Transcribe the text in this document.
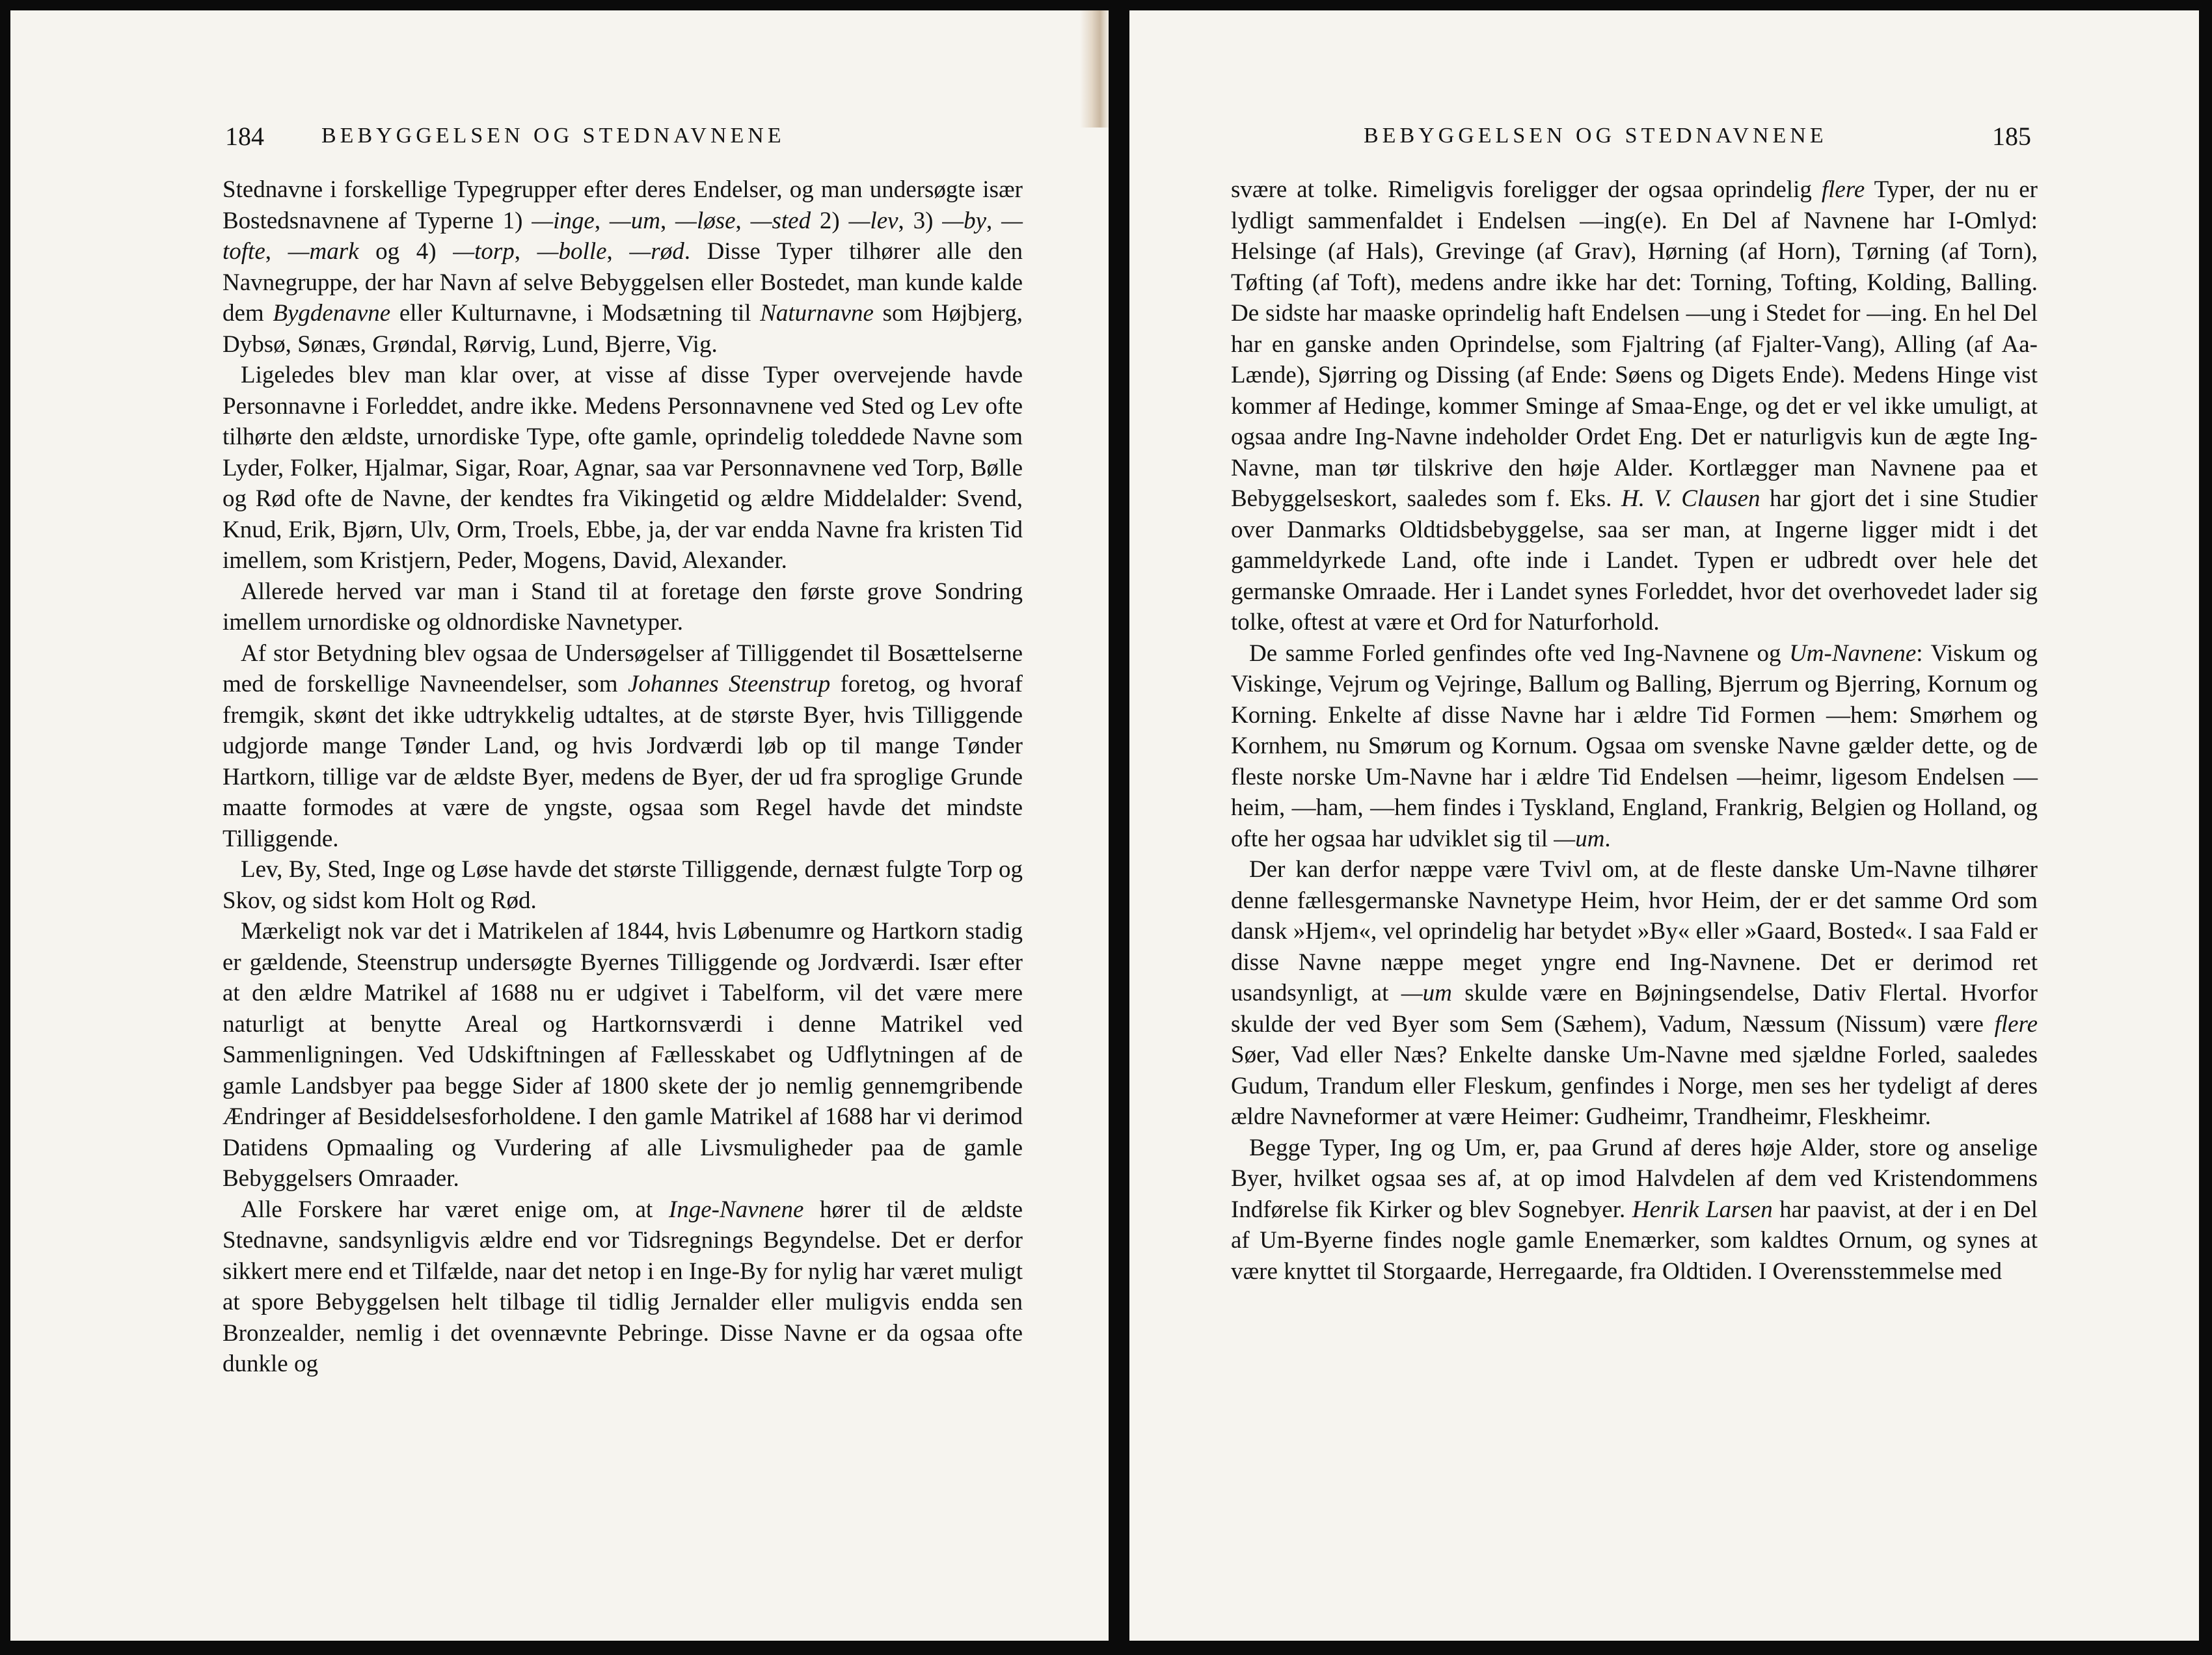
184	BEBYGGELSEN OG STEDNAVNENE

Stednavne i forskellige Typegrupper efter deres Endelser, og man undersøgte især Bostedsnavnene af Typerne 1) —inge, —um, —løse, —sted 2) —lev, 3) —by, —tofte, —mark og 4) —torp, —bolle, —rød. Disse Typer tilhører alle den Navnegruppe, der har Navn af selve Bebyggelsen eller Bostedet, man kunde kalde dem Bygdenavne eller Kulturnavne, i Modsætning til Naturnavne som Højbjerg, Dybsø, Sønæs, Grøndal, Rørvig, Lund, Bjerre, Vig.

Ligeledes blev man klar over, at visse af disse Typer overvejende havde Personnavne i Forleddet, andre ikke. Medens Personnavnene ved Sted og Lev ofte tilhørte den ældste, urnordiske Type, ofte gamle, oprindelig toleddede Navne som Lyder, Folker, Hjalmar, Sigar, Roar, Agnar, saa var Personnavnene ved Torp, Bølle og Rød ofte de Navne, der kendtes fra Vikingetid og ældre Middelalder: Svend, Knud, Erik, Bjørn, Ulv, Orm, Troels, Ebbe, ja, der var endda Navne fra kristen Tid imellem, som Kristjern, Peder, Mogens, David, Alexander.

Allerede herved var man i Stand til at foretage den første grove Sondring imellem urnordiske og oldnordiske Navnetyper.

Af stor Betydning blev ogsaa de Undersøgelser af Tilliggendet til Bosættelserne med de forskellige Navneendelser, som Johannes Steenstrup foretog, og hvoraf fremgik, skønt det ikke udtrykkelig udtaltes, at de største Byer, hvis Tilliggende udgjorde mange Tønder Land, og hvis Jordværdi løb op til mange Tønder Hartkorn, tillige var de ældste Byer, medens de Byer, der ud fra sproglige Grunde maatte formodes at være de yngste, ogsaa som Regel havde det mindste Tilliggende.

Lev, By, Sted, Inge og Løse havde det største Tilliggende, dernæst fulgte Torp og Skov, og sidst kom Holt og Rød.

Mærkeligt nok var det i Matrikelen af 1844, hvis Løbenumre og Hartkorn stadig er gældende, Steenstrup undersøgte Byernes Tilliggende og Jordværdi. Især efter at den ældre Matrikel af 1688 nu er udgivet i Tabelform, vil det være mere naturligt at benytte Areal og Hartkornsværdi i denne Matrikel ved Sammenligningen. Ved Udskiftningen af Fællesskabet og Udflytningen af de gamle Landsbyer paa begge Sider af 1800 skete der jo nemlig gennemgribende Ændringer af Besiddelsesforholdene. I den gamle Matrikel af 1688 har vi derimod Datidens Opmaaling og Vurdering af alle Livsmuligheder paa de gamle Bebyggelsers Omraader.

Alle Forskere har været enige om, at Inge-Navnene hører til de ældste Stednavne, sandsynligvis ældre end vor Tidsregnings Begyndelse. Det er derfor sikkert mere end et Tilfælde, naar det netop i en Inge-By for nylig har været muligt at spore Bebyggelsen helt tilbage til tidlig Jernalder eller muligvis endda sen Bronzealder, nemlig i det ovennævnte Pebringe. Disse Navne er da ogsaa ofte dunkle og

BEBYGGELSEN OG STEDNAVNENE	185

svære at tolke. Rimeligvis foreligger der ogsaa oprindelig flere Typer, der nu er lydligt sammenfaldet i Endelsen —ing(e). En Del af Navnene har I-Omlyd: Helsinge (af Hals), Grevinge (af Grav), Hørning (af Horn), Tørning (af Torn), Tøfting (af Toft), medens andre ikke har det: Torning, Tofting, Kolding, Balling. De sidste har maaske oprindelig haft Endelsen —ung i Stedet for —ing. En hel Del har en ganske anden Oprindelse, som Fjaltring (af Fjalter-Vang), Alling (af Aa-Lænde), Sjørring og Dissing (af Ende: Søens og Digets Ende). Medens Hinge vist kommer af Hedinge, kommer Sminge af Smaa-Enge, og det er vel ikke umuligt, at ogsaa andre Ing-Navne indeholder Ordet Eng. Det er naturligvis kun de ægte Ing-Navne, man tør tilskrive den høje Alder. Kortlægger man Navnene paa et Bebyggelseskort, saaledes som f. Eks. H. V. Clausen har gjort det i sine Studier over Danmarks Oldtidsbebyggelse, saa ser man, at Ingerne ligger midt i det gammeldyrkede Land, ofte inde i Landet. Typen er udbredt over hele det germanske Omraade. Her i Landet synes Forleddet, hvor det overhovedet lader sig tolke, oftest at være et Ord for Naturforhold.

De samme Forled genfindes ofte ved Ing-Navnene og Um-Navnene: Viskum og Viskinge, Vejrum og Vejringe, Ballum og Balling, Bjerrum og Bjerring, Kornum og Korning. Enkelte af disse Navne har i ældre Tid Formen —hem: Smørhem og Kornhem, nu Smørum og Kornum. Ogsaa om svenske Navne gælder dette, og de fleste norske Um-Navne har i ældre Tid Endelsen —heimr, ligesom Endelsen —heim, —ham, —hem findes i Tyskland, England, Frankrig, Belgien og Holland, og ofte her ogsaa har udviklet sig til —um.

Der kan derfor næppe være Tvivl om, at de fleste danske Um-Navne tilhører denne fællesgermanske Navnetype Heim, hvor Heim, der er det samme Ord som dansk »Hjem«, vel oprindelig har betydet »By« eller »Gaard, Bosted«. I saa Fald er disse Navne næppe meget yngre end Ing-Navnene. Det er derimod ret usandsynligt, at —um skulde være en Bøjningsendelse, Dativ Flertal. Hvorfor skulde der ved Byer som Sem (Sæhem), Vadum, Næssum (Nissum) være flere Søer, Vad eller Næs? Enkelte danske Um-Navne med sjældne Forled, saaledes Gudum, Trandum eller Fleskum, genfindes i Norge, men ses her tydeligt af deres ældre Navneformer at være Heimer: Gudheimr, Trandheimr, Fleskheimr.

Begge Typer, Ing og Um, er, paa Grund af deres høje Alder, store og anselige Byer, hvilket ogsaa ses af, at op imod Halvdelen af dem ved Kristendommens Indførelse fik Kirker og blev Sognebyer. Henrik Larsen har paavist, at der i en Del af Um-Byerne findes nogle gamle Enemærker, som kaldtes Ornum, og synes at være knyttet til Storgaarde, Herregaarde, fra Oldtiden. I Overensstemmelse med
